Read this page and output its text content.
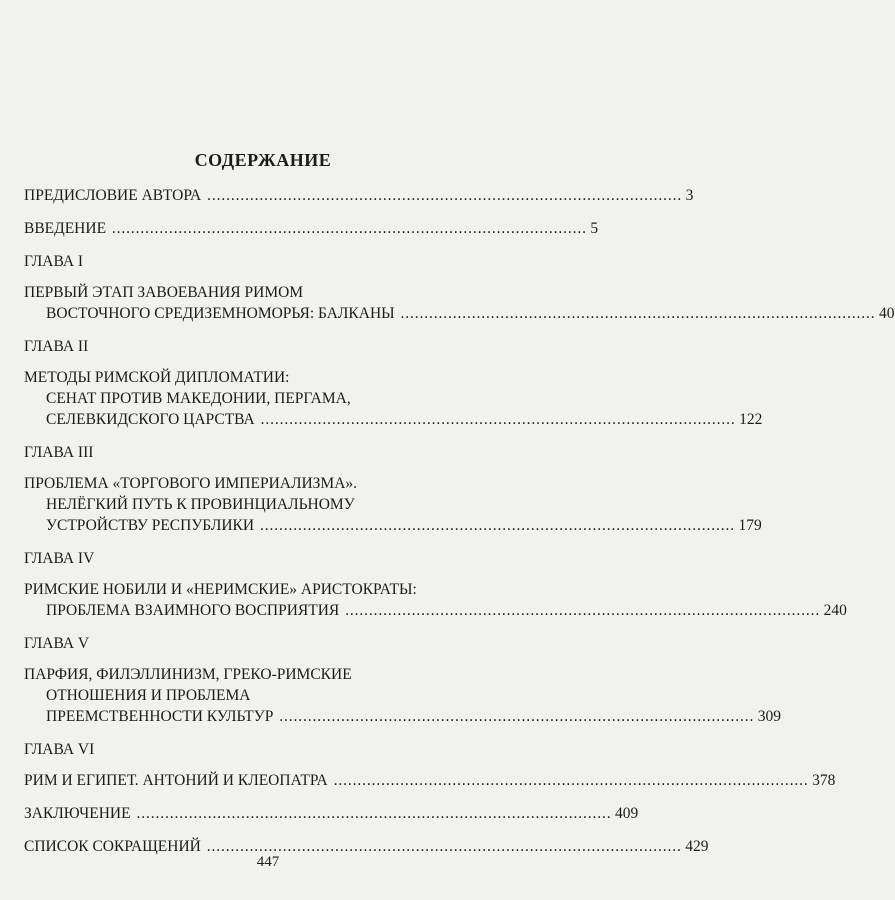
СОДЕРЖАНИЕ
ПРЕДИСЛОВИЕ АВТОРА . . .	3
ВВЕДЕНИЕ . . .	5
ГЛАВА I
ПЕРВЫЙ ЭТАП ЗАВОЕВАНИЯ РИМОМ
ВОСТОЧНОГО СРЕДИЗЕМНОМОРЬЯ: БАЛКАНЫ . . .	40
ГЛАВА II
МЕТОДЫ РИМСКОЙ ДИПЛОМАТИИ:
СЕНАТ ПРОТИВ МАКЕДОНИИ, ПЕРГАМА,
СЕЛЕВКИДСКОГО ЦАРСТВА . . .	122
ГЛАВА III
ПРОБЛЕМА «ТОРГОВОГО ИМПЕРИАЛИЗМА».
НЕЛЁГКИЙ ПУТЬ К ПРОВИНЦИАЛЬНОМУ
УСТРОЙСТВУ РЕСПУБЛИКИ . . .	179
ГЛАВА IV
РИМСКИЕ НОБИЛИ И «НЕРИМСКИЕ» АРИСТОКРАТЫ:
ПРОБЛЕМА ВЗАИМНОГО ВОСПРИЯТИЯ . . .	240
ГЛАВА V
ПАРФИЯ, ФИЛЭЛЛИНИЗМ, ГРЕКО-РИМСКИЕ
ОТНОШЕНИЯ И ПРОБЛЕМА
ПРЕЕМСТВЕННОСТИ КУЛЬТУР . . .	309
ГЛАВА VI
РИМ И ЕГИПЕТ. АНТОНИЙ И КЛЕОПАТРА . . .	378
ЗАКЛЮЧЕНИЕ . . .	409
СПИСОК СОКРАЩЕНИЙ . . .	429
447
